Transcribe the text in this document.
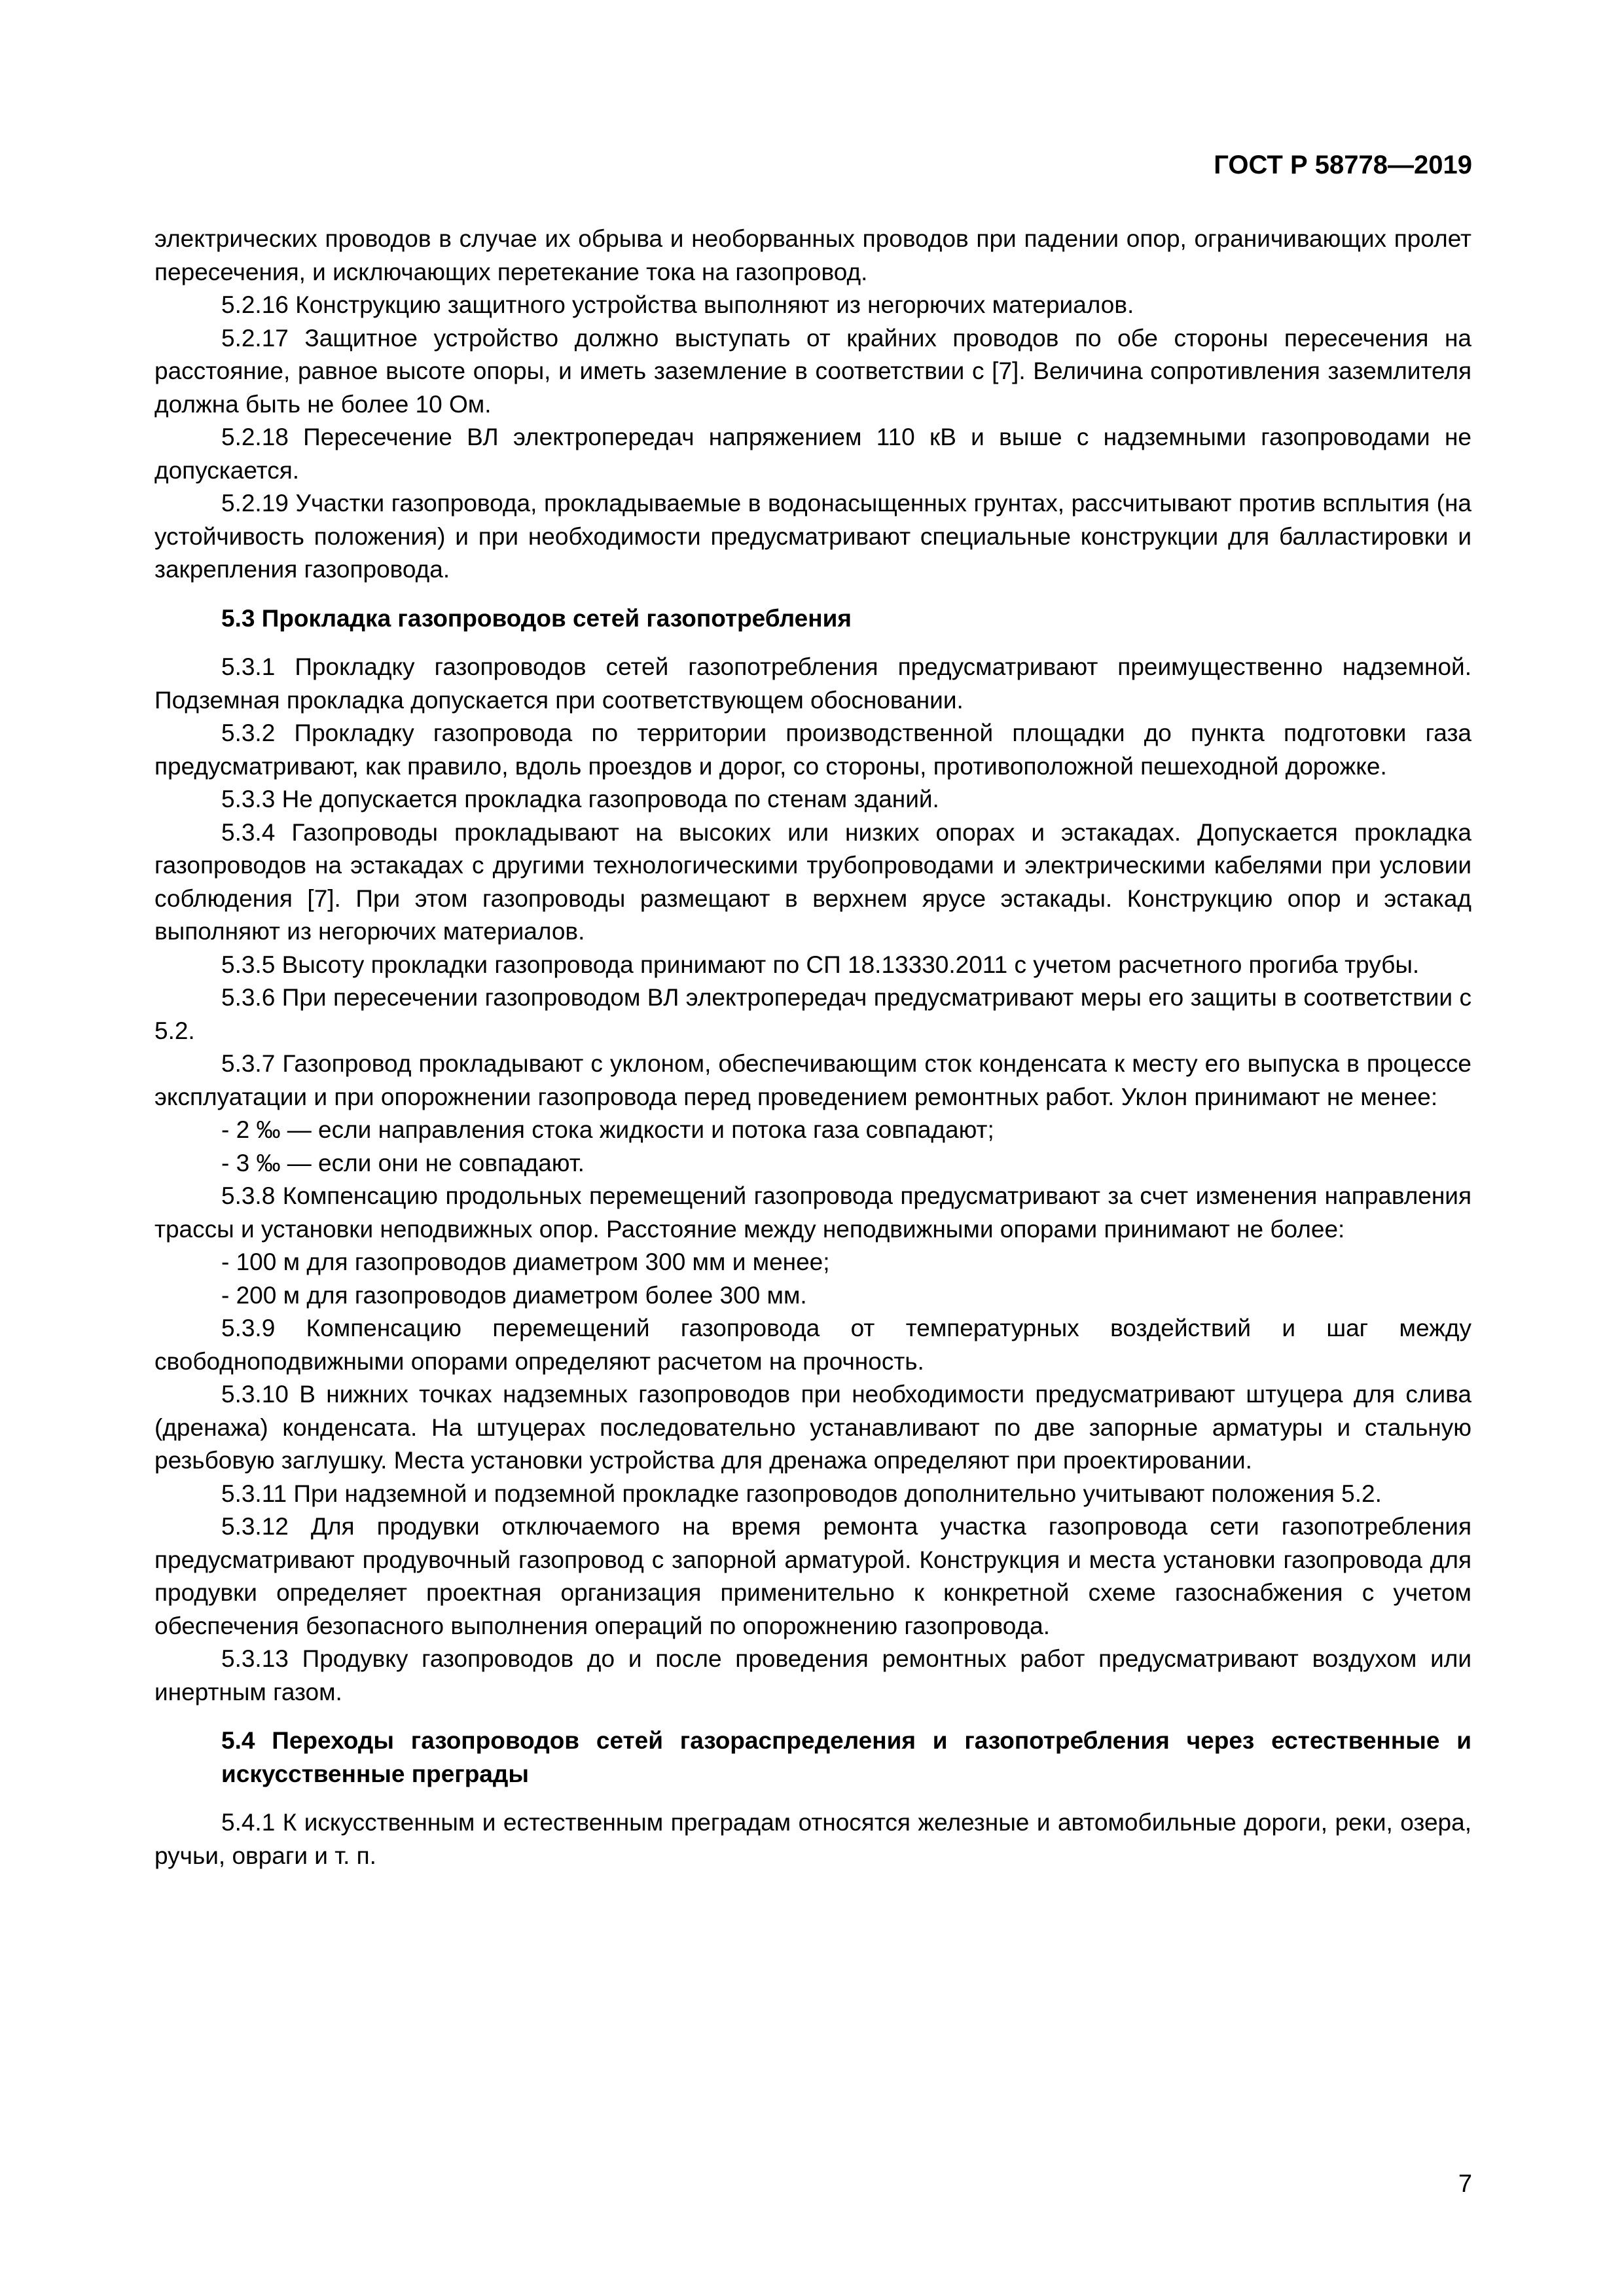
ГОСТ Р 58778—2019

электрических проводов в случае их обрыва и необорванных проводов при падении опор, ограничивающих пролет пересечения, и исключающих перетекание тока на газопровод.

5.2.16 Конструкцию защитного устройства выполняют из негорючих материалов.

5.2.17 Защитное устройство должно выступать от крайних проводов по обе стороны пересечения на расстояние, равное высоте опоры, и иметь заземление в соответствии с [7]. Величина сопротивления заземлителя должна быть не более 10 Ом.

5.2.18 Пересечение ВЛ электропередач напряжением 110 кВ и выше с надземными газопроводами не допускается.

5.2.19 Участки газопровода, прокладываемые в водонасыщенных грунтах, рассчитывают против всплытия (на устойчивость положения) и при необходимости предусматривают специальные конструкции для балластировки и закрепления газопровода.

5.3 Прокладка газопроводов сетей газопотребления

5.3.1 Прокладку газопроводов сетей газопотребления предусматривают преимущественно надземной. Подземная прокладка допускается при соответствующем обосновании.

5.3.2 Прокладку газопровода по территории производственной площадки до пункта подготовки газа предусматривают, как правило, вдоль проездов и дорог, со стороны, противоположной пешеходной дорожке.

5.3.3 Не допускается прокладка газопровода по стенам зданий.

5.3.4 Газопроводы прокладывают на высоких или низких опорах и эстакадах. Допускается прокладка газопроводов на эстакадах с другими технологическими трубопроводами и электрическими кабелями при условии соблюдения [7]. При этом газопроводы размещают в верхнем ярусе эстакады. Конструкцию опор и эстакад выполняют из негорючих материалов.

5.3.5 Высоту прокладки газопровода принимают по СП 18.13330.2011 с учетом расчетного прогиба трубы.

5.3.6 При пересечении газопроводом ВЛ электропередач предусматривают меры его защиты в соответствии с 5.2.

5.3.7 Газопровод прокладывают с уклоном, обеспечивающим сток конденсата к месту его выпуска в процессе эксплуатации и при опорожнении газопровода перед проведением ремонтных работ. Уклон принимают не менее:

- 2 ‰ — если направления стока жидкости и потока газа совпадают;

- 3 ‰ — если они не совпадают.

5.3.8 Компенсацию продольных перемещений газопровода предусматривают за счет изменения направления трассы и установки неподвижных опор. Расстояние между неподвижными опорами принимают не более:

- 100 м для газопроводов диаметром 300 мм и менее;

- 200 м для газопроводов диаметром более 300 мм.

5.3.9 Компенсацию перемещений газопровода от температурных воздействий и шаг между свободноподвижными опорами определяют расчетом на прочность.

5.3.10 В нижних точках надземных газопроводов при необходимости предусматривают штуцера для слива (дренажа) конденсата. На штуцерах последовательно устанавливают по две запорные арматуры и стальную резьбовую заглушку. Места установки устройства для дренажа определяют при проектировании.

5.3.11 При надземной и подземной прокладке газопроводов дополнительно учитывают положения 5.2.

5.3.12 Для продувки отключаемого на время ремонта участка газопровода сети газопотребления предусматривают продувочный газопровод с запорной арматурой. Конструкция и места установки газопровода для продувки определяет проектная организация применительно к конкретной схеме газоснабжения с учетом обеспечения безопасного выполнения операций по опорожнению газопровода.

5.3.13 Продувку газопроводов до и после проведения ремонтных работ предусматривают воздухом или инертным газом.

5.4 Переходы газопроводов сетей газораспределения и газопотребления через естественные и искусственные преграды

5.4.1 К искусственным и естественным преградам относятся железные и автомобильные дороги, реки, озера, ручьи, овраги и т. п.

7
